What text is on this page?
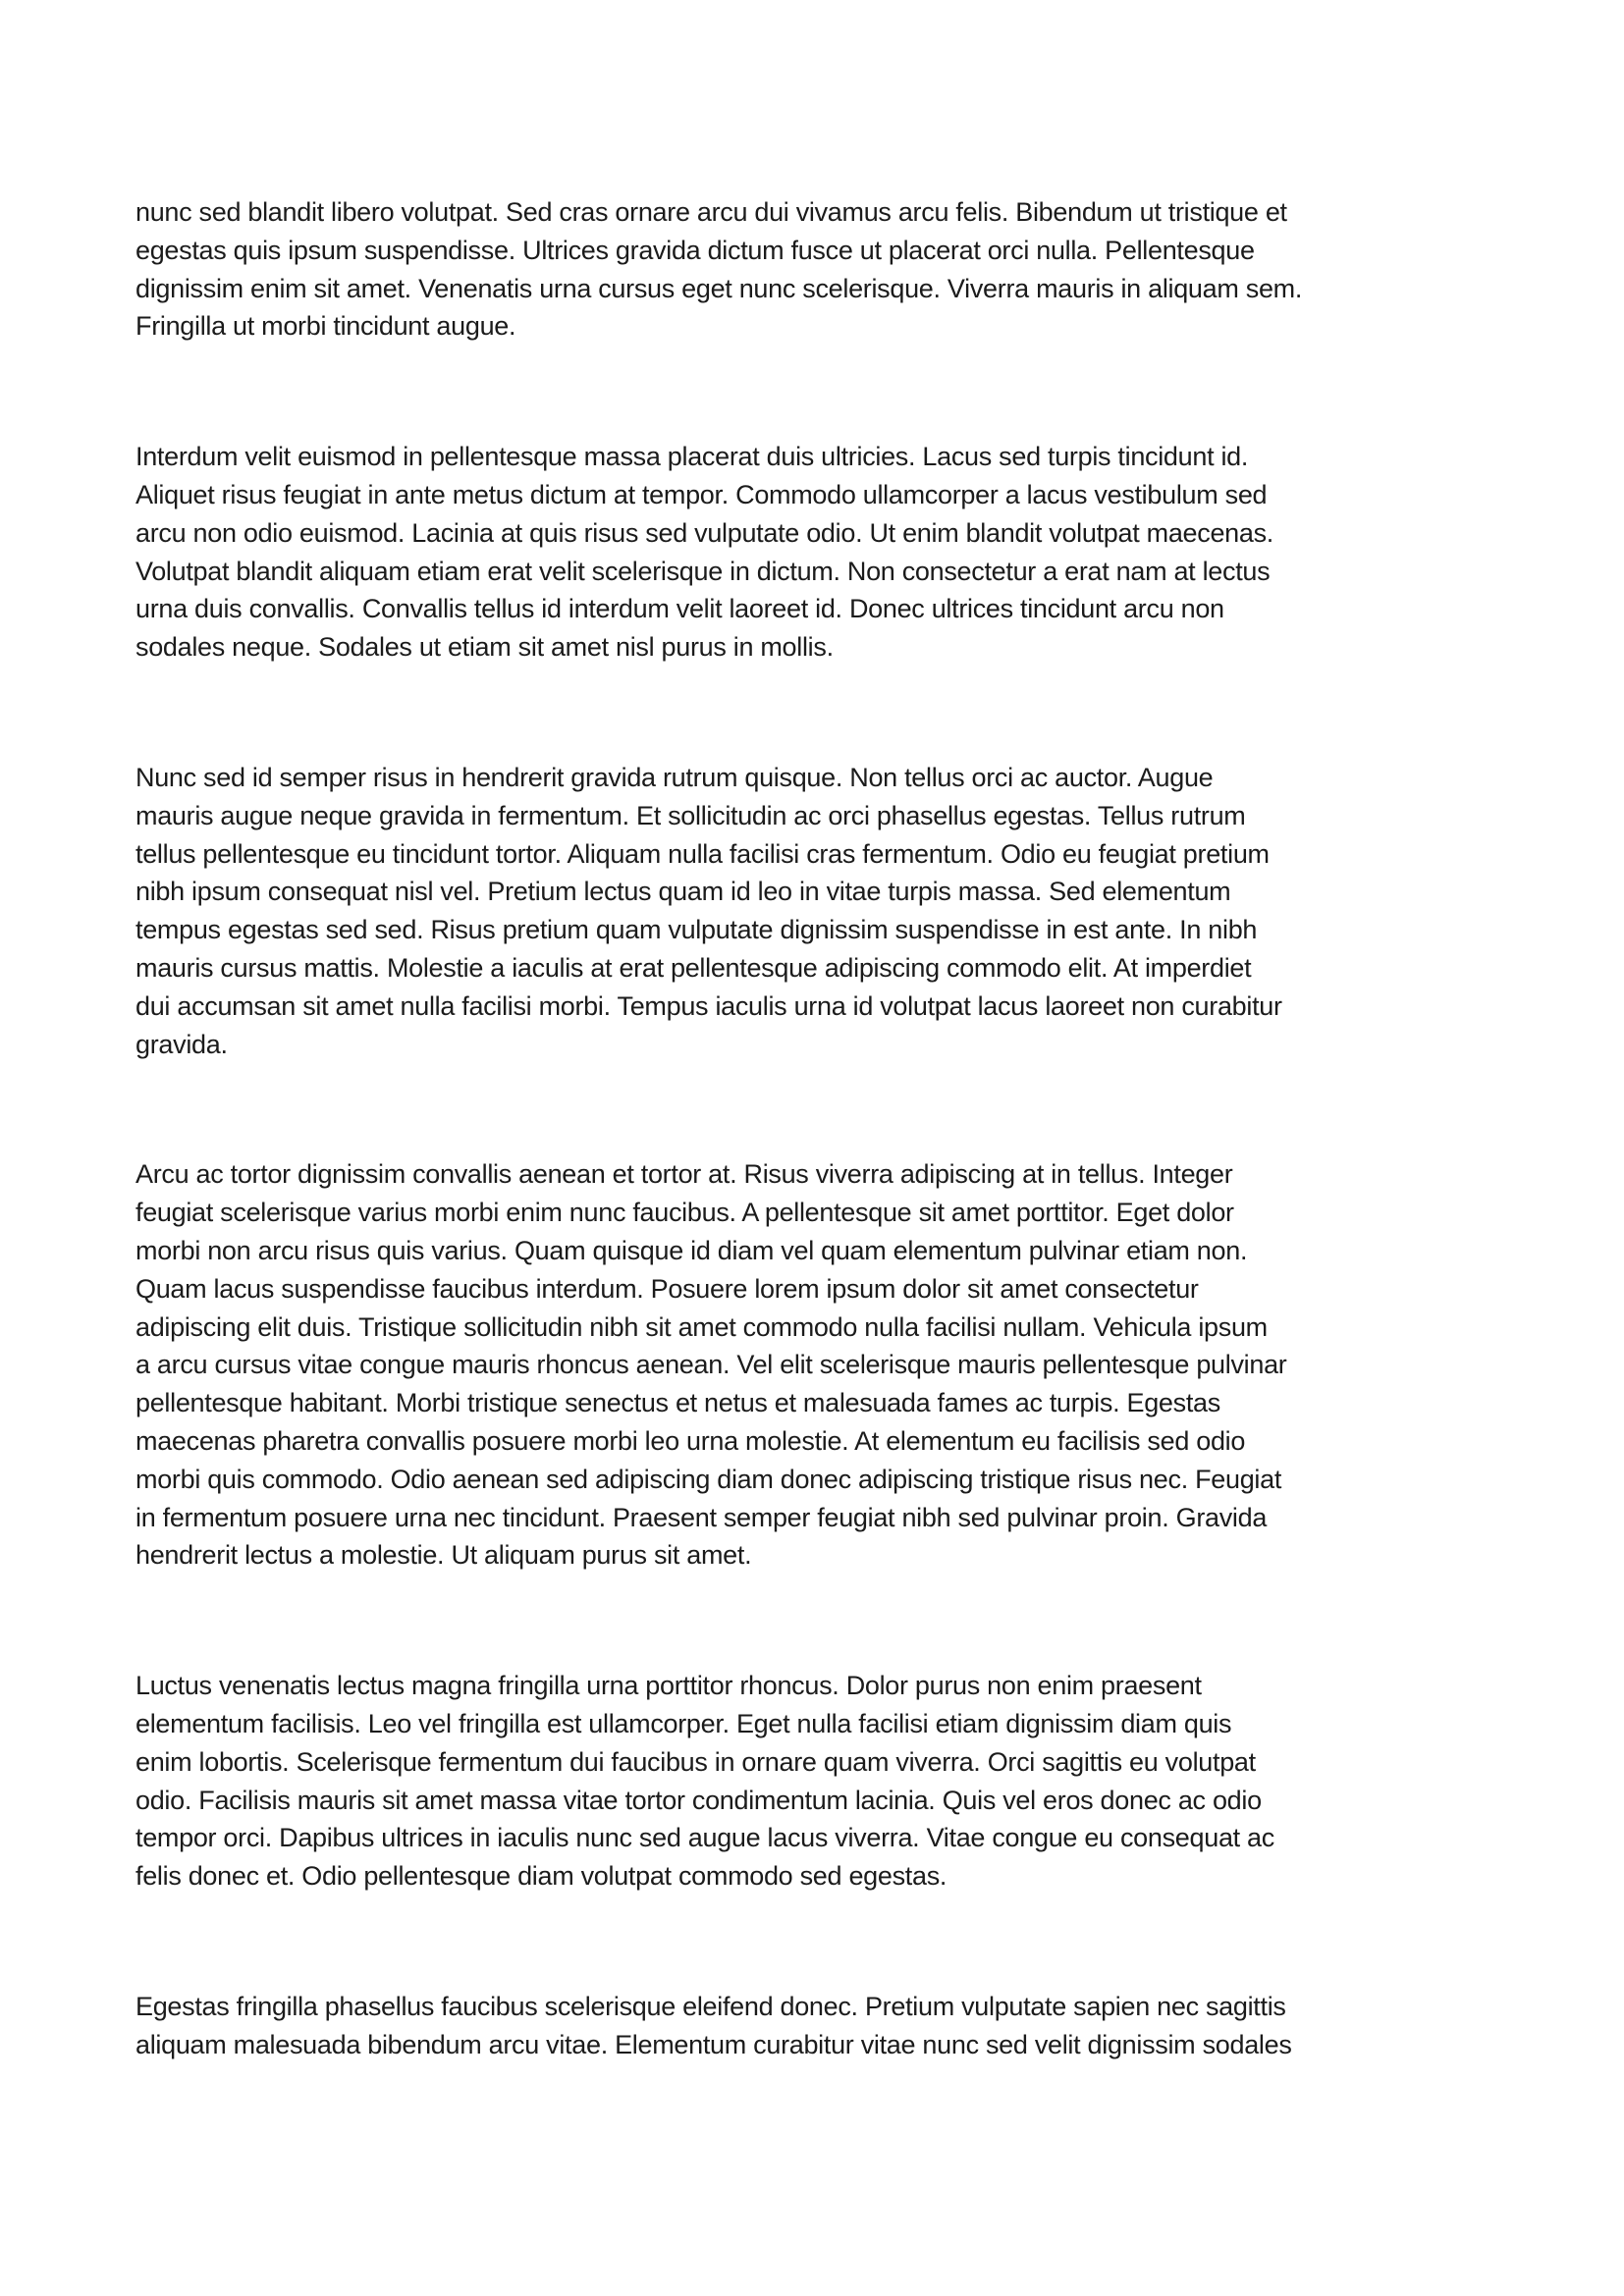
nunc sed blandit libero volutpat. Sed cras ornare arcu dui vivamus arcu felis. Bibendum ut tristique et
egestas quis ipsum suspendisse. Ultrices gravida dictum fusce ut placerat orci nulla. Pellentesque
dignissim enim sit amet. Venenatis urna cursus eget nunc scelerisque. Viverra mauris in aliquam sem.
Fringilla ut morbi tincidunt augue.
Interdum velit euismod in pellentesque massa placerat duis ultricies. Lacus sed turpis tincidunt id.
Aliquet risus feugiat in ante metus dictum at tempor. Commodo ullamcorper a lacus vestibulum sed
arcu non odio euismod. Lacinia at quis risus sed vulputate odio. Ut enim blandit volutpat maecenas.
Volutpat blandit aliquam etiam erat velit scelerisque in dictum. Non consectetur a erat nam at lectus
urna duis convallis. Convallis tellus id interdum velit laoreet id. Donec ultrices tincidunt arcu non
sodales neque. Sodales ut etiam sit amet nisl purus in mollis.
Nunc sed id semper risus in hendrerit gravida rutrum quisque. Non tellus orci ac auctor. Augue
mauris augue neque gravida in fermentum. Et sollicitudin ac orci phasellus egestas. Tellus rutrum
tellus pellentesque eu tincidunt tortor. Aliquam nulla facilisi cras fermentum. Odio eu feugiat pretium
nibh ipsum consequat nisl vel. Pretium lectus quam id leo in vitae turpis massa. Sed elementum
tempus egestas sed sed. Risus pretium quam vulputate dignissim suspendisse in est ante. In nibh
mauris cursus mattis. Molestie a iaculis at erat pellentesque adipiscing commodo elit. At imperdiet
dui accumsan sit amet nulla facilisi morbi. Tempus iaculis urna id volutpat lacus laoreet non curabitur
gravida.
Arcu ac tortor dignissim convallis aenean et tortor at. Risus viverra adipiscing at in tellus. Integer
feugiat scelerisque varius morbi enim nunc faucibus. A pellentesque sit amet porttitor. Eget dolor
morbi non arcu risus quis varius. Quam quisque id diam vel quam elementum pulvinar etiam non.
Quam lacus suspendisse faucibus interdum. Posuere lorem ipsum dolor sit amet consectetur
adipiscing elit duis. Tristique sollicitudin nibh sit amet commodo nulla facilisi nullam. Vehicula ipsum
a arcu cursus vitae congue mauris rhoncus aenean. Vel elit scelerisque mauris pellentesque pulvinar
pellentesque habitant. Morbi tristique senectus et netus et malesuada fames ac turpis. Egestas
maecenas pharetra convallis posuere morbi leo urna molestie. At elementum eu facilisis sed odio
morbi quis commodo. Odio aenean sed adipiscing diam donec adipiscing tristique risus nec. Feugiat
in fermentum posuere urna nec tincidunt. Praesent semper feugiat nibh sed pulvinar proin. Gravida
hendrerit lectus a molestie. Ut aliquam purus sit amet.
Luctus venenatis lectus magna fringilla urna porttitor rhoncus. Dolor purus non enim praesent
elementum facilisis. Leo vel fringilla est ullamcorper. Eget nulla facilisi etiam dignissim diam quis
enim lobortis. Scelerisque fermentum dui faucibus in ornare quam viverra. Orci sagittis eu volutpat
odio. Facilisis mauris sit amet massa vitae tortor condimentum lacinia. Quis vel eros donec ac odio
tempor orci. Dapibus ultrices in iaculis nunc sed augue lacus viverra. Vitae congue eu consequat ac
felis donec et. Odio pellentesque diam volutpat commodo sed egestas.
Egestas fringilla phasellus faucibus scelerisque eleifend donec. Pretium vulputate sapien nec sagittis
aliquam malesuada bibendum arcu vitae. Elementum curabitur vitae nunc sed velit dignissim sodales
